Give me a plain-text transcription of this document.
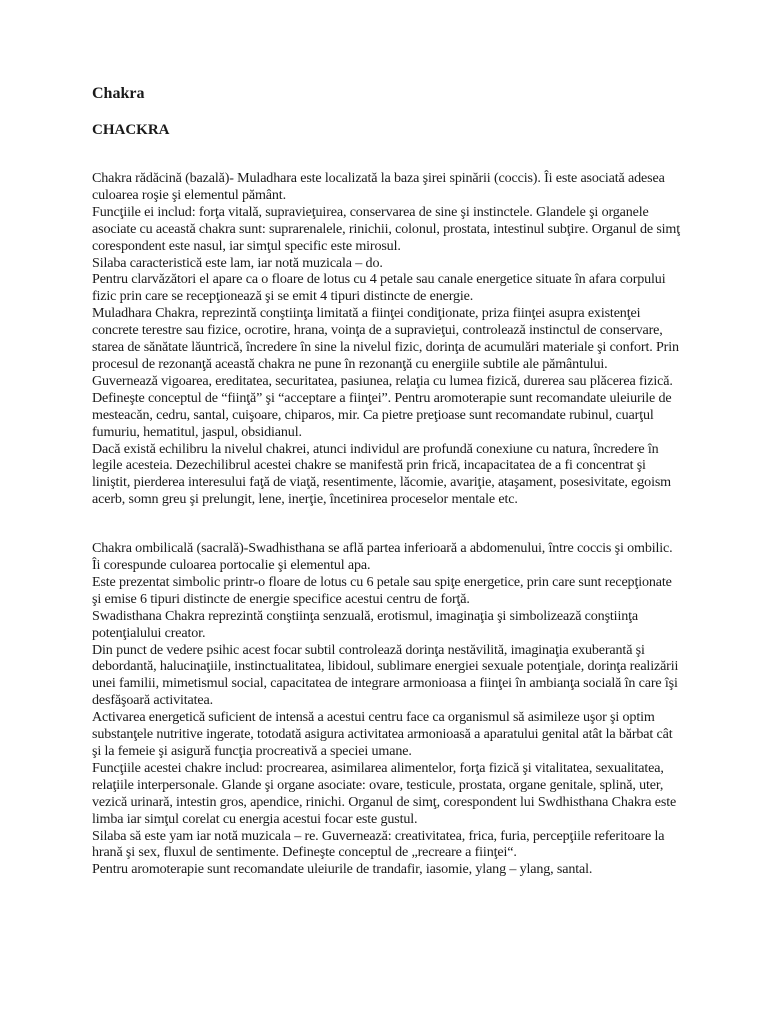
Chakra
CHACKRA

Chakra rădăcină (bazală)- Muladhara este localizată la baza şirei spinării (coccis). Îi este asociată adesea culoarea roşie şi elementul pământ.

Funcţiile ei includ: forţa vitală, supravieţuirea, conservarea de sine şi instinctele. Glandele şi organele asociate cu această chakra sunt: suprarenalele, rinichii, colonul, prostata, intestinul subţire. Organul de simţ corespondent este nasul, iar simţul specific este mirosul.

Silaba caracteristică este lam, iar notă muzicala – do.

Pentru clarvăzători el apare ca o floare de lotus cu 4 petale sau canale energetice situate în afara corpului fizic prin care se recepţionează şi se emit 4 tipuri distincte de energie.

Muladhara Chakra, reprezintă conştiinţa limitată a fiinţei condiţionate, priza fiinţei asupra existenţei concrete terestre sau fizice, ocrotire, hrana, voinţa de a supravieţui, controlează instinctul de conservare, starea de sănătate lăuntrică, încredere în sine la nivelul fizic, dorinţa de acumulări materiale şi confort. Prin procesul de rezonanţă această chakra ne pune în rezonanţă cu energiile subtile ale pământului.

Guvernează vigoarea, ereditatea, securitatea, pasiunea, relaţia cu lumea fizică, durerea sau plăcerea fizică. Defineşte conceptul de “fiinţă” şi “acceptare a fiinţei”. Pentru aromoterapie sunt recomandate uleiurile de mesteacăn, cedru, santal, cuişoare, chiparos, mir. Ca pietre preţioase sunt recomandate rubinul, cuarţul fumuriu, hematitul, jaspul, obsidianul.

Dacă există echilibru la nivelul chakrei, atunci individul are profundă conexiune cu natura, încredere în legile acesteia. Dezechilibrul acestei chakre se manifestă prin frică, incapacitatea de a fi concentrat şi liniştit, pierderea interesului faţă de viaţă, resentimente, lăcomie, avariţie, ataşament, posesivitate, egoism acerb, somn greu şi prelungit, lene, inerţie, încetinirea proceselor mentale etc.

Chakra ombilicală (sacrală)-Swadhisthana se află partea inferioară a abdomenului, între coccis şi ombilic. Îi corespunde culoarea portocalie şi elementul apa.

Este prezentat simbolic printr-o floare de lotus cu 6 petale sau spiţe energetice, prin care sunt recepţionate şi emise 6 tipuri distincte de energie specifice acestui centru de forţă.

Swadisthana Chakra reprezintă conştiinţa senzuală, erotismul, imaginaţia şi simbolizează conştiinţa potenţialului creator.

Din punct de vedere psihic acest focar subtil controlează dorinţa nestăvilită, imaginaţia exuberantă şi debordantă, halucinaţiile, instinctualitatea, libidoul, sublimare energiei sexuale potenţiale, dorinţa realizării unei familii, mimetismul social, capacitatea de integrare armonioasa a fiinţei în ambianţa socială în care îşi desfăşoară activitatea.

Activarea energetică suficient de intensă a acestui centru face ca organismul să asimileze uşor şi optim substanţele nutritive ingerate, totodată asigura activitatea armonioasă a aparatului genital atât la bărbat cât şi la femeie şi asigură funcţia procreativă a speciei umane.

Funcţiile acestei chakre includ: procrearea, asimilarea alimentelor, forţa fizică şi vitalitatea, sexualitatea, relaţiile interpersonale. Glande şi organe asociate: ovare, testicule, prostata, organe genitale, splină, uter, vezică urinară, intestin gros, apendice, rinichi. Organul de simţ, corespondent lui Swdhisthana Chakra este limba iar simţul corelat cu energia acestui focar este gustul.

Silaba să este yam iar notă muzicala – re. Guvernează: creativitatea, frica, furia, percepţiile referitoare la hrană şi sex, fluxul de sentimente. Defineşte conceptul de „recreare a fiinţei“.

Pentru aromoterapie sunt recomandate uleiurile de trandafir, iasomie, ylang – ylang, santal.
